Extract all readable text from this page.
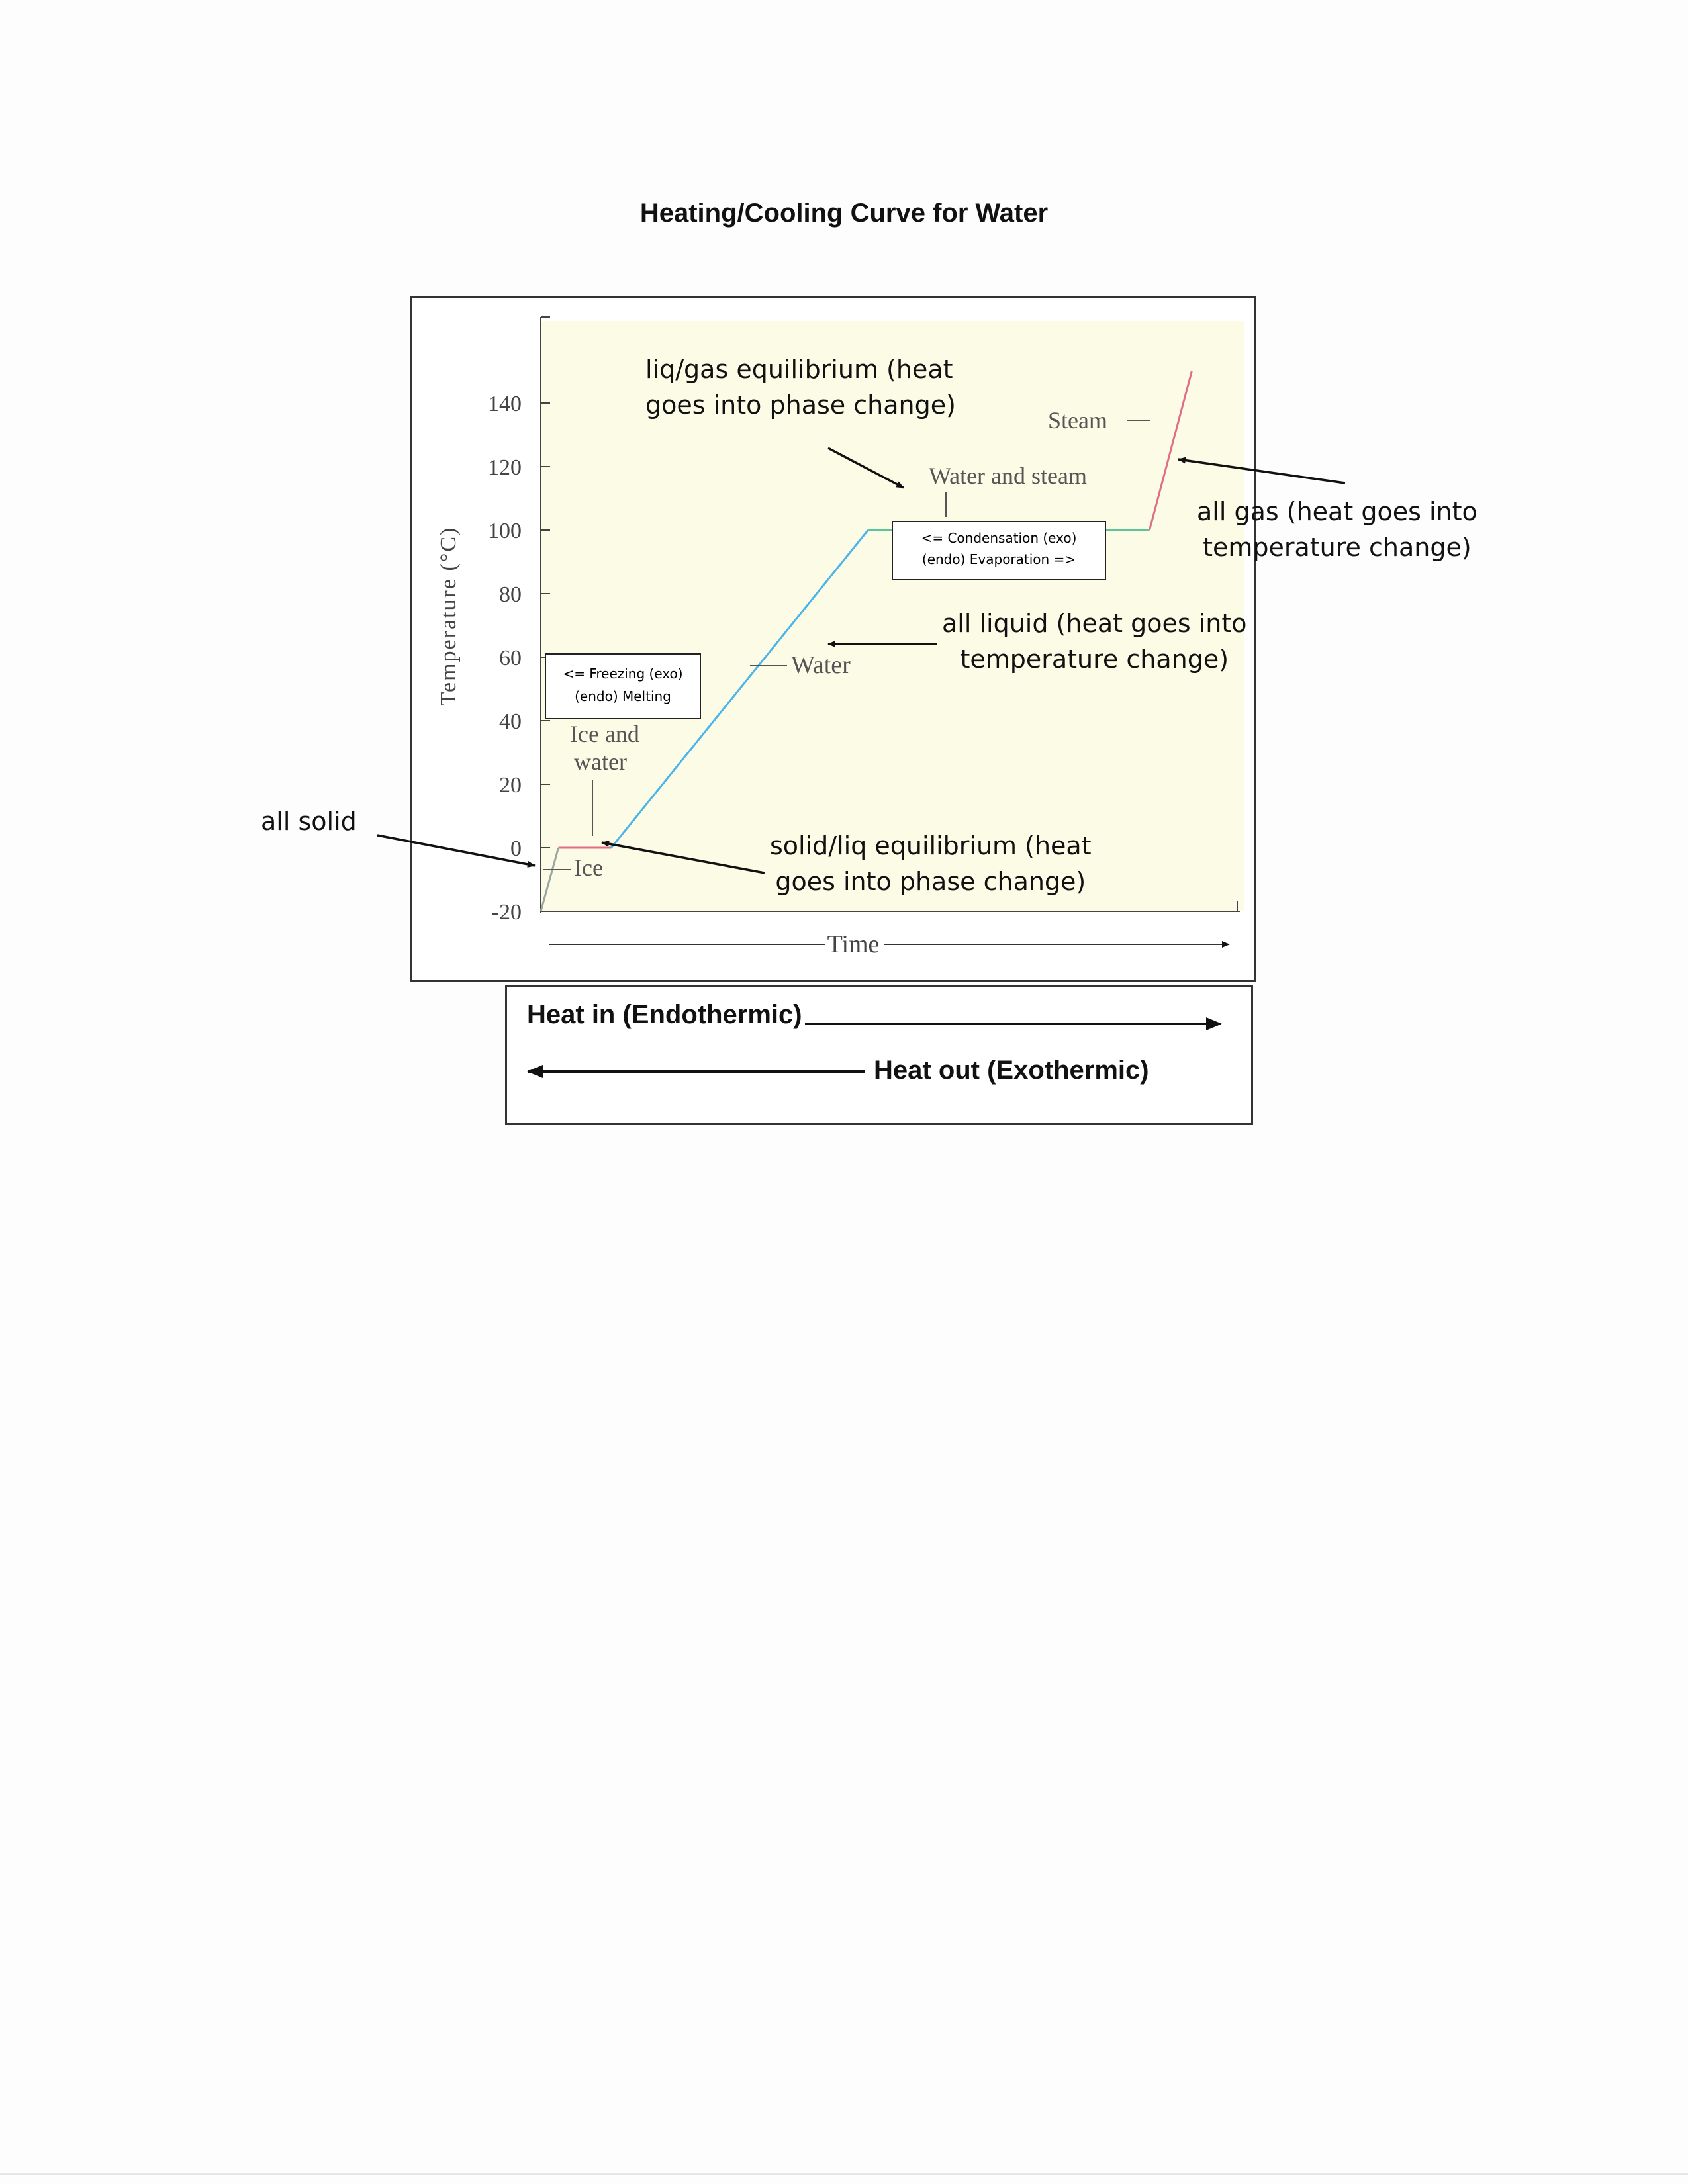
Heating/Cooling Curve for Water
140
120
100
80
60
40
20
0
-20
Temperature (°C)
Ice
Ice and
water
Water
Water and steam
Steam
Time
<= Freezing (exo)
(endo) Melting
<= Condensation (exo)
(endo) Evaporation =>
liq/gas equilibrium (heat
goes into phase change)
all liquid (heat goes into
temperature change)
solid/liq equilibrium (heat
goes into phase change)
all solid
all gas (heat goes into
temperature change)
Heat in (Endothermic)
Heat out (Exothermic)
